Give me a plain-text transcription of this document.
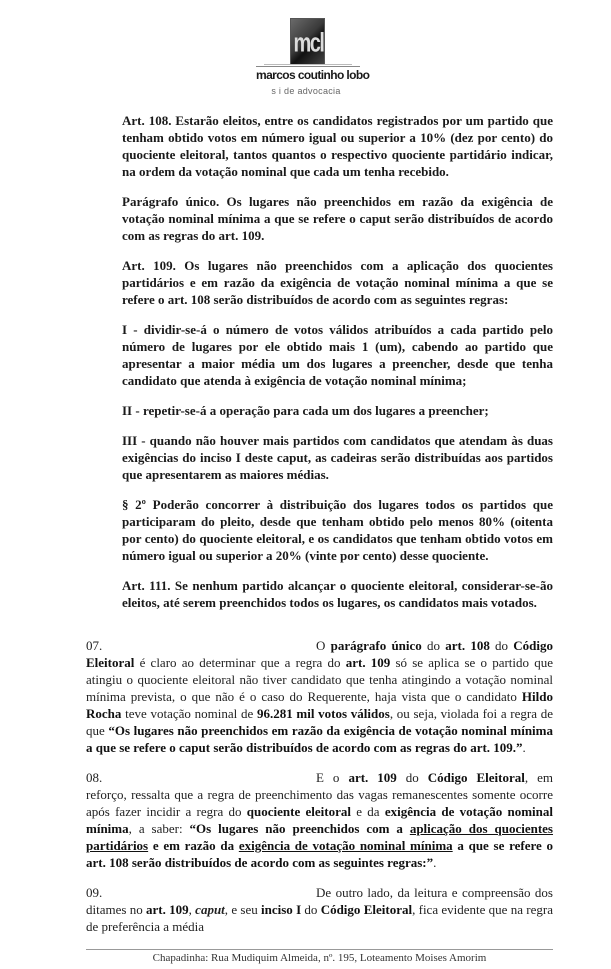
mcl
marcos coutinho lobo
s i de advocacia

Art. 108. Estarão eleitos, entre os candidatos registrados por um partido que tenham obtido votos em número igual ou superior a 10% (dez por cento) do quociente eleitoral, tantos quantos o respectivo quociente partidário indicar, na ordem da votação nominal que cada um tenha recebido.

Parágrafo único. Os lugares não preenchidos em razão da exigência de votação nominal mínima a que se refere o caput serão distribuídos de acordo com as regras do art. 109.

Art. 109. Os lugares não preenchidos com a aplicação dos quocientes partidários e em razão da exigência de votação nominal mínima a que se refere o art. 108 serão distribuídos de acordo com as seguintes regras:

I - dividir-se-á o número de votos válidos atribuídos a cada partido pelo número de lugares por ele obtido mais 1 (um), cabendo ao partido que apresentar a maior média um dos lugares a preencher, desde que tenha candidato que atenda à exigência de votação nominal mínima;

II - repetir-se-á a operação para cada um dos lugares a preencher;

III - quando não houver mais partidos com candidatos que atendam às duas exigências do inciso I deste caput, as cadeiras serão distribuídas aos partidos que apresentarem as maiores médias.

§ 2º Poderão concorrer à distribuição dos lugares todos os partidos que participaram do pleito, desde que tenham obtido pelo menos 80% (oitenta por cento) do quociente eleitoral, e os candidatos que tenham obtido votos em número igual ou superior a 20% (vinte por cento) desse quociente.

Art. 111. Se nenhum partido alcançar o quociente eleitoral, considerar-se-ão eleitos, até serem preenchidos todos os lugares, os candidatos mais votados.

07.	O parágrafo único do art. 108 do Código Eleitoral é claro ao determinar que a regra do art. 109 só se aplica se o partido que atingiu o quociente eleitoral não tiver candidato que tenha atingindo a votação nominal mínima prevista, o que não é o caso do Requerente, haja vista que o candidato Hildo Rocha teve votação nominal de 96.281 mil votos válidos, ou seja, violada foi a regra de que “Os lugares não preenchidos em razão da exigência de votação nominal mínima a que se refere o caput serão distribuídos de acordo com as regras do art. 109.”.

08.	E o art. 109 do Código Eleitoral, em reforço, ressalta que a regra de preenchimento das vagas remanescentes somente ocorre após fazer incidir a regra do quociente eleitoral e da exigência de votação nominal mínima, a saber: “Os lugares não preenchidos com a aplicação dos quocientes partidários e em razão da exigência de votação nominal mínima a que se refere o art. 108 serão distribuídos de acordo com as seguintes regras:”.

09.	De outro lado, da leitura e compreensão dos ditames no art. 109, caput, e seu inciso I do Código Eleitoral, fica evidente que na regra de preferência a média

Chapadinha: Rua Mudiquim Almeida, nº. 195, Loteamento Moises Amorim
